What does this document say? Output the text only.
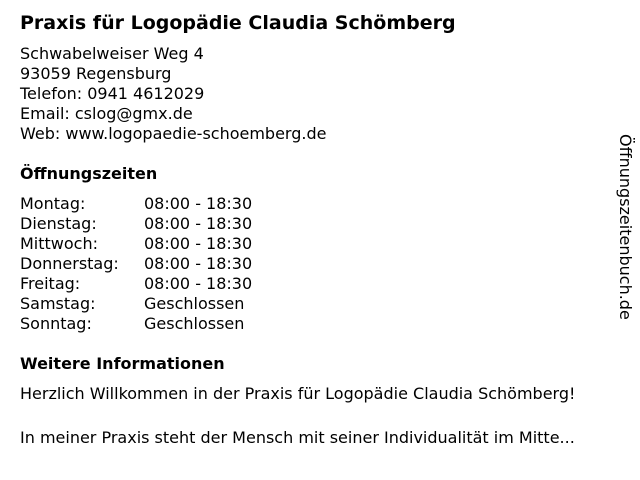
Praxis für Logopädie Claudia Schömberg
Schwabelweiser Weg 4
93059 Regensburg
Telefon: 0941 4612029
Email: cslog@gmx.de
Web: www.logopaedie-schoemberg.de
Öffnungszeiten
Montag:	08:00 - 18:30
Dienstag:	08:00 - 18:30
Mittwoch:	08:00 - 18:30
Donnerstag: 08:00 - 18:30
Freitag:	08:00 - 18:30
Samstag:	Geschlossen
Sonntag:	Geschlossen
Weitere Informationen
Herzlich Willkommen in der Praxis für Logopädie Claudia Schömberg!
In meiner Praxis steht der Mensch mit seiner Individualität im Mitte...
Öffnungszeitenbuch.de
